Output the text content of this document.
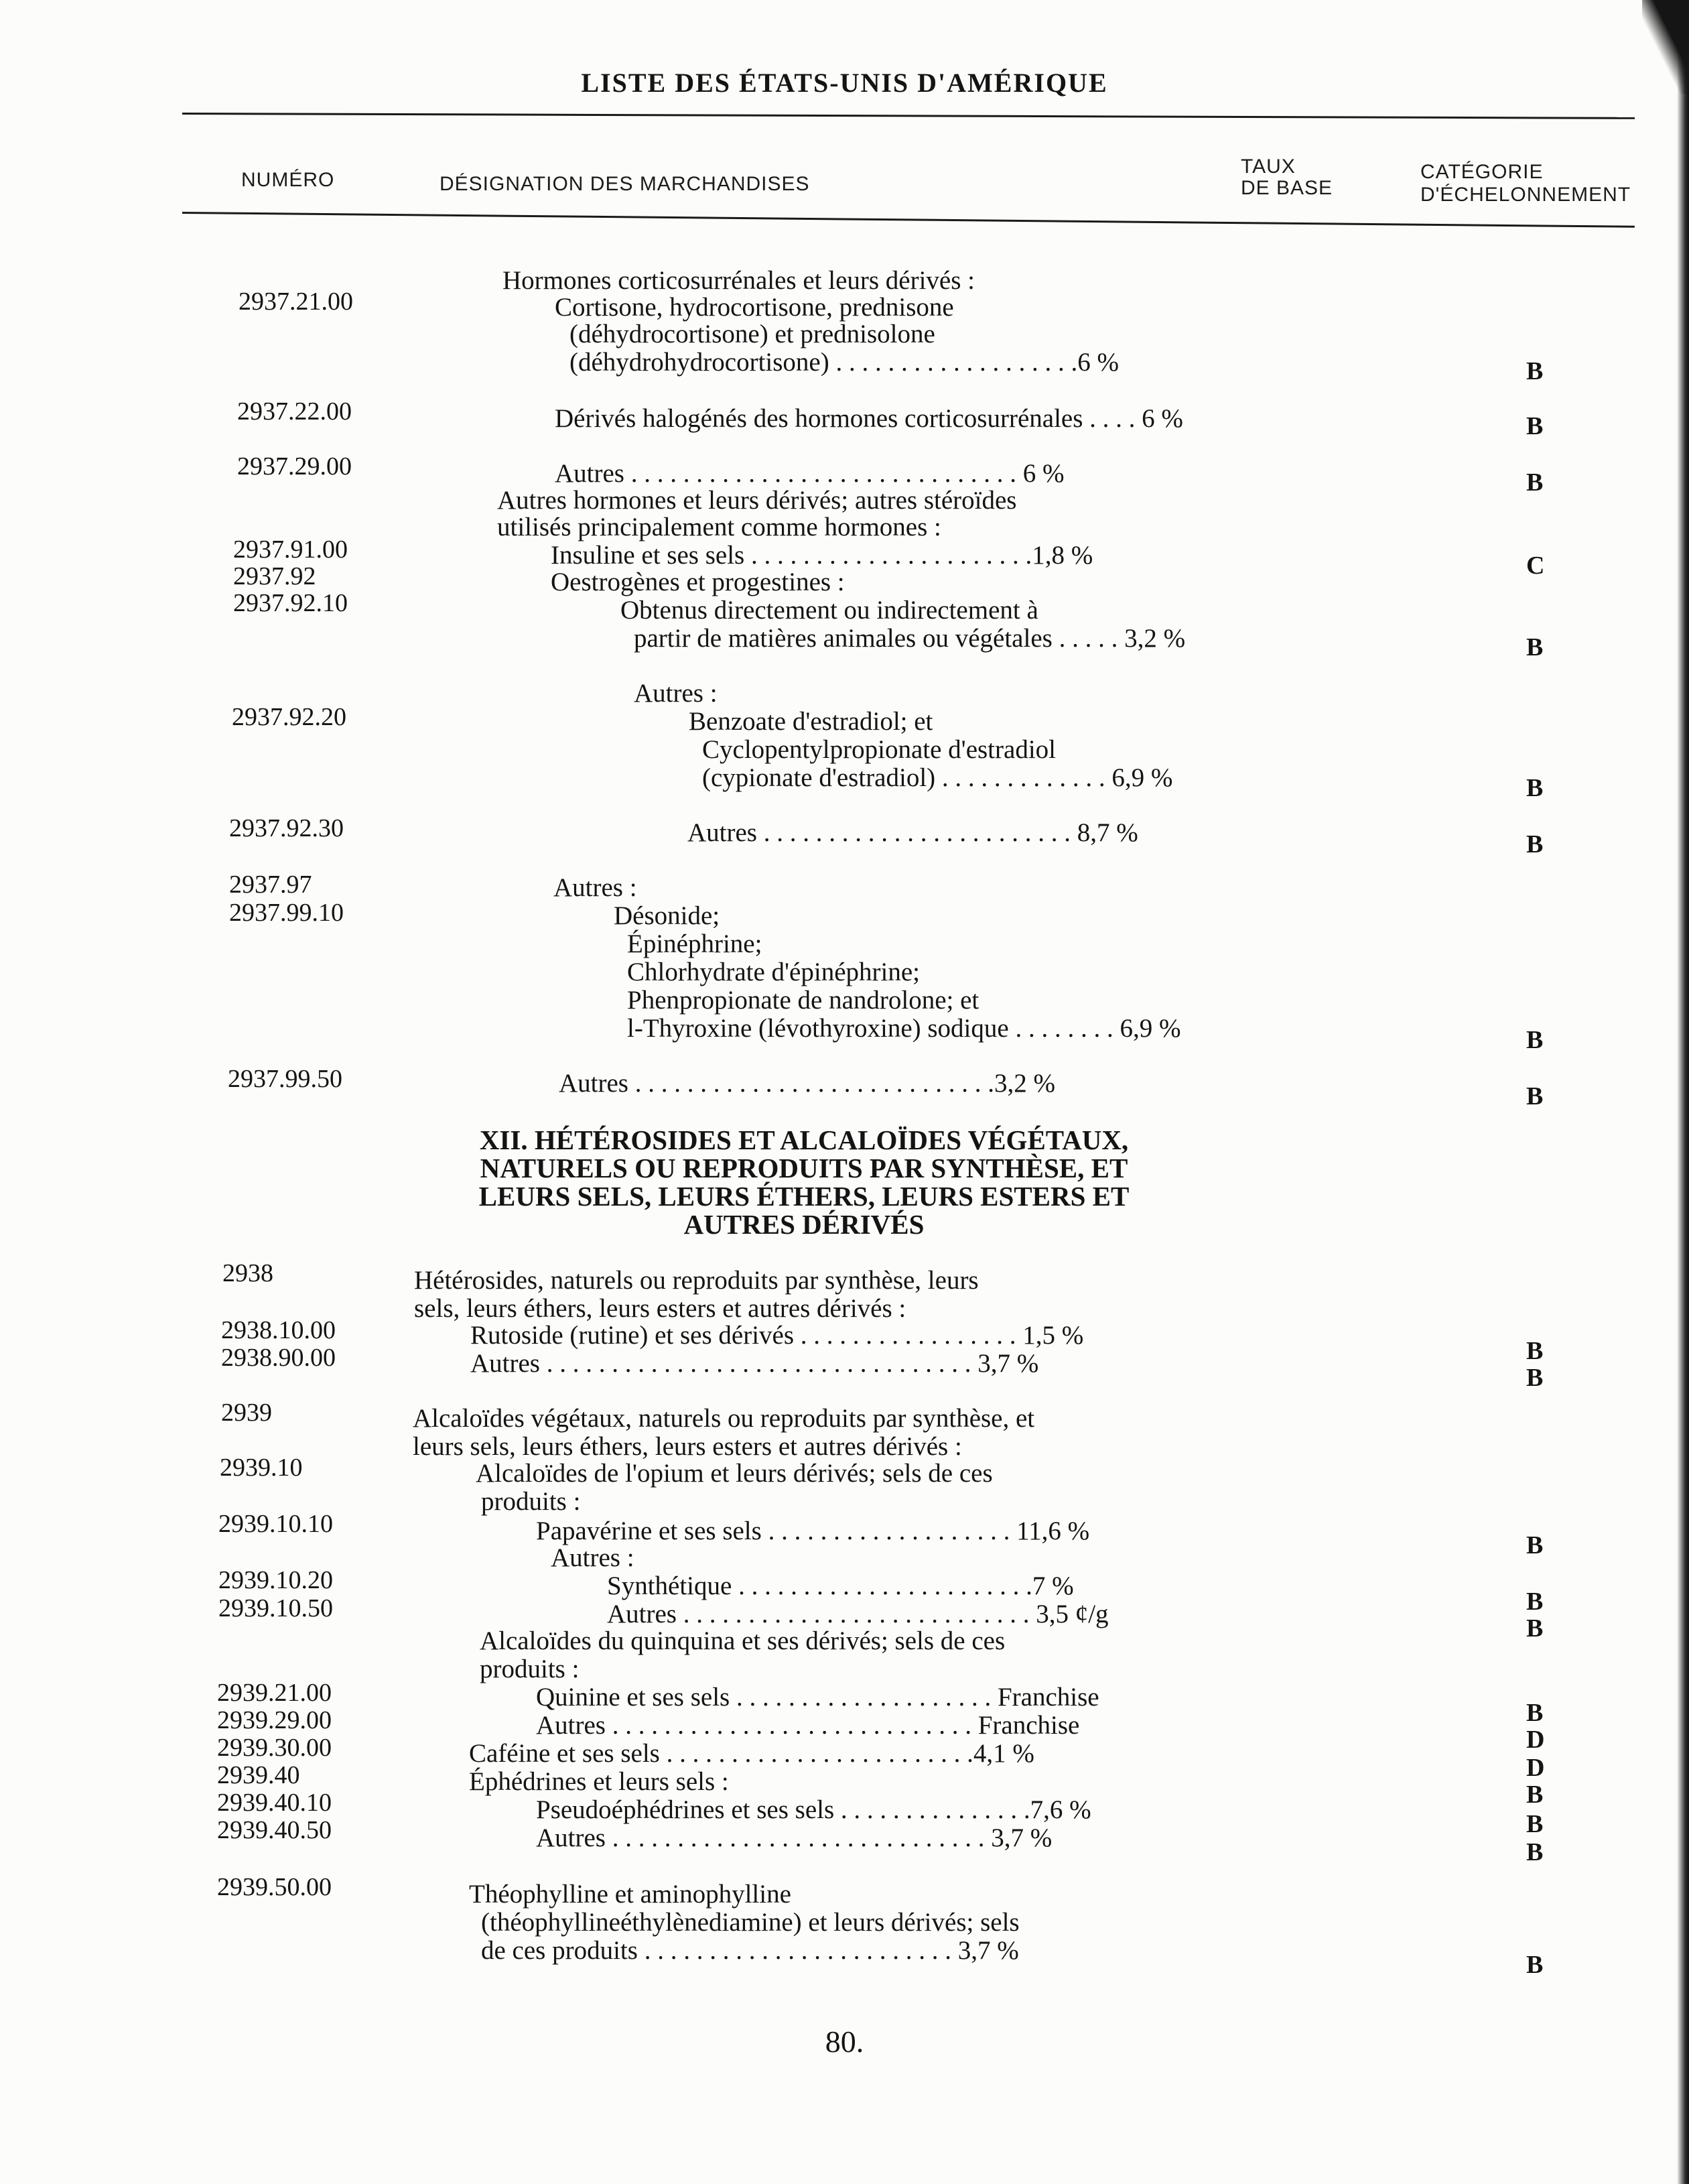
LISTE DES ÉTATS-UNIS D'AMÉRIQUE
NUMÉRO	DÉSIGNATION DES MARCHANDISES
TAUX
DE BASE
CATÉGORIE
D'ÉCHELONNEMENT
2937.21.00
2937.22.00
2937.29.00
2937.91.00
2937.92
2937.92.10
2937.92.20
2937.92.30
2937.97
2937.99.10
2937.99.50
2938
2938.10.00
2938.90.00
2939
2939.10
2939.10.10
2939.10.20
2939.10.50
2939.21.00
2939.29.00
2939.30.00
2939.40
2939.40.10
2939.40.50
2939.50.00
Hormones corticosurrénales et leurs dérivés :
Cortisone, hydrocortisone, prednisone
(déhydrocortisone) et prednisolone
(déhydrohydrocortisone) . . . . . . . . . . . . . . . . . . .6 %
Dérivés halogénés des hormones corticosurrénales . . . . 6 %
Autres . . . . . . . . . . . . . . . . . . . . . . . . . . . . . . 6 %
Autres hormones et leurs dérivés; autres stéroïdes
utilisés principalement comme hormones :
Insuline et ses sels . . . . . . . . . . . . . . . . . . . . . .1,8 %
Oestrogènes et progestines :
Obtenus directement ou indirectement à
partir de matières animales ou végétales . . . . . 3,2 %
Autres :
Benzoate d'estradiol; et
Cyclopentylpropionate d'estradiol
(cypionate d'estradiol) . . . . . . . . . . . . . 6,9 %
Autres . . . . . . . . . . . . . . . . . . . . . . . . 8,7 %
Autres :
Désonide;
Épinéphrine;
Chlorhydrate d'épinéphrine;
Phenpropionate de nandrolone; et
l-Thyroxine (lévothyroxine) sodique . . . . . . . . 6,9 %
Autres . . . . . . . . . . . . . . . . . . . . . . . . . . . .3,2 %
XII. HÉTÉROSIDES ET ALCALOÏDES VÉGÉTAUX,
NATURELS OU REPRODUITS PAR SYNTHÈSE, ET
LEURS SELS, LEURS ÉTHERS, LEURS ESTERS ET
AUTRES DÉRIVÉS
Hétérosides, naturels ou reproduits par synthèse, leurs
sels, leurs éthers, leurs esters et autres dérivés :
Rutoside (rutine) et ses dérivés . . . . . . . . . . . . . . . . . 1,5 %
Autres . . . . . . . . . . . . . . . . . . . . . . . . . . . . . . . . . 3,7 %
Alcaloïdes végétaux, naturels ou reproduits par synthèse, et
leurs sels, leurs éthers, leurs esters et autres dérivés :
Alcaloïdes de l'opium et leurs dérivés; sels de ces
produits :
Papavérine et ses sels . . . . . . . . . . . . . . . . . . . 11,6 %
Autres :
Synthétique . . . . . . . . . . . . . . . . . . . . . . .7 %
Autres . . . . . . . . . . . . . . . . . . . . . . . . . . . 3,5 ¢/g
Alcaloïdes du quinquina et ses dérivés; sels de ces
produits :
Quinine et ses sels . . . . . . . . . . . . . . . . . . . . Franchise
Autres . . . . . . . . . . . . . . . . . . . . . . . . . . . . Franchise
Caféine et ses sels . . . . . . . . . . . . . . . . . . . . . . . .4,1 %
Éphédrines et leurs sels :
Pseudoéphédrines et ses sels . . . . . . . . . . . . . . .7,6 %
Autres . . . . . . . . . . . . . . . . . . . . . . . . . . . . . 3,7 %
Théophylline et aminophylline
(théophyllineéthylènediamine) et leurs dérivés; sels
de ces produits . . . . . . . . . . . . . . . . . . . . . . . . 3,7 %
B
B
B
C
B
B
B
B
B
B
B
B
B
B
B
D
D
B
B
B
B
80.
